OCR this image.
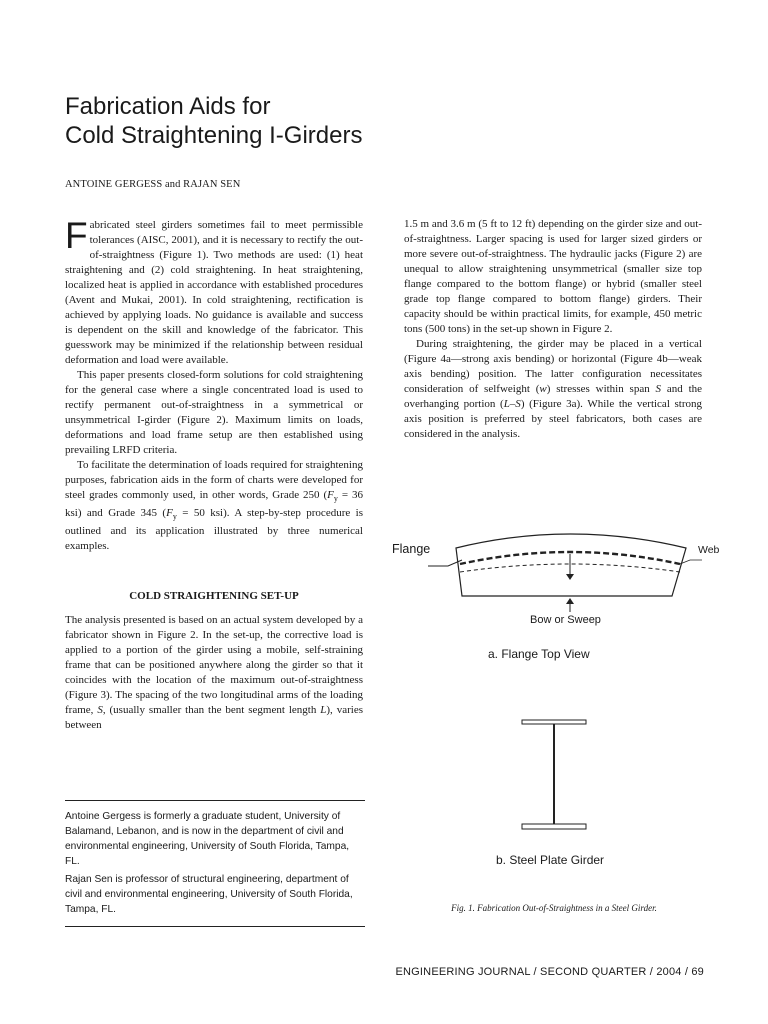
Fabrication Aids for
Cold Straightening I-Girders
ANTOINE GERGESS and RAJAN SEN

Fabricated steel girders sometimes fail to meet permissible tolerances (AISC, 2001), and it is necessary to rectify the out-of-straightness (Figure 1). Two methods are used: (1) heat straightening and (2) cold straightening. In heat straightening, localized heat is applied in accordance with established procedures (Avent and Mukai, 2001). In cold straightening, rectification is achieved by applying loads. No guidance is available and success is dependent on the skill and knowledge of the fabricator. This guesswork may be minimized if the relationship between residual deformation and load were available.

This paper presents closed-form solutions for cold straightening for the general case where a single concentrated load is used to rectify permanent out-of-straightness in a symmetrical or unsymmetrical I-girder (Figure 2). Maximum limits on loads, deformations and load frame setup are then established using prevailing LRFD criteria.

To facilitate the determination of loads required for straightening purposes, fabrication aids in the form of charts were developed for steel grades commonly used, in other words, Grade 250 ($F_y = 36$ ksi) and Grade 345 ($F_y = 50$ ksi). A step-by-step procedure is outlined and its application illustrated by three numerical examples.

COLD STRAIGHTENING SET-UP

The analysis presented is based on an actual system developed by a fabricator shown in Figure 2. In the set-up, the corrective load is applied to a portion of the girder using a mobile, self-straining frame that can be positioned anywhere along the girder so that it coincides with the location of the maximum out-of-straightness (Figure 3). The spacing of the two longitudinal arms of the loading frame, S, (usually smaller than the bent segment length L), varies between

Antoine Gergess is formerly a graduate student, University of Balamand, Lebanon, and is now in the department of civil and environmental engineering, University of South Florida, Tampa, FL.
Rajan Sen is professor of structural engineering, department of civil and environmental engineering, University of South Florida, Tampa, FL.

1.5 m and 3.6 m (5 ft to 12 ft) depending on the girder size and out-of-straightness. Larger spacing is used for larger sized girders or more severe out-of-straightness. The hydraulic jacks (Figure 2) are unequal to allow straightening unsymmetrical (smaller size top flange compared to the bottom flange) or hybrid (smaller steel grade top flange compared to bottom flange) girders. Their capacity should be within practical limits, for example, 450 metric tons (500 tons) in the set-up shown in Figure 2.

During straightening, the girder may be placed in a vertical (Figure 4a—strong axis bending) or horizontal (Figure 4b—weak axis bending) position. The latter configuration necessitates consideration of selfweight (w) stresses within span S and the overhanging portion (L–S) (Figure 3a). While the vertical strong axis position is preferred by steel fabricators, both cases are considered in the analysis.

Flange	Web
Bow or Sweep
a. Flange Top View
b. Steel Plate Girder
Fig. 1. Fabrication Out-of-Straightness in a Steel Girder.
ENGINEERING JOURNAL / SECOND QUARTER / 2004 / 69
